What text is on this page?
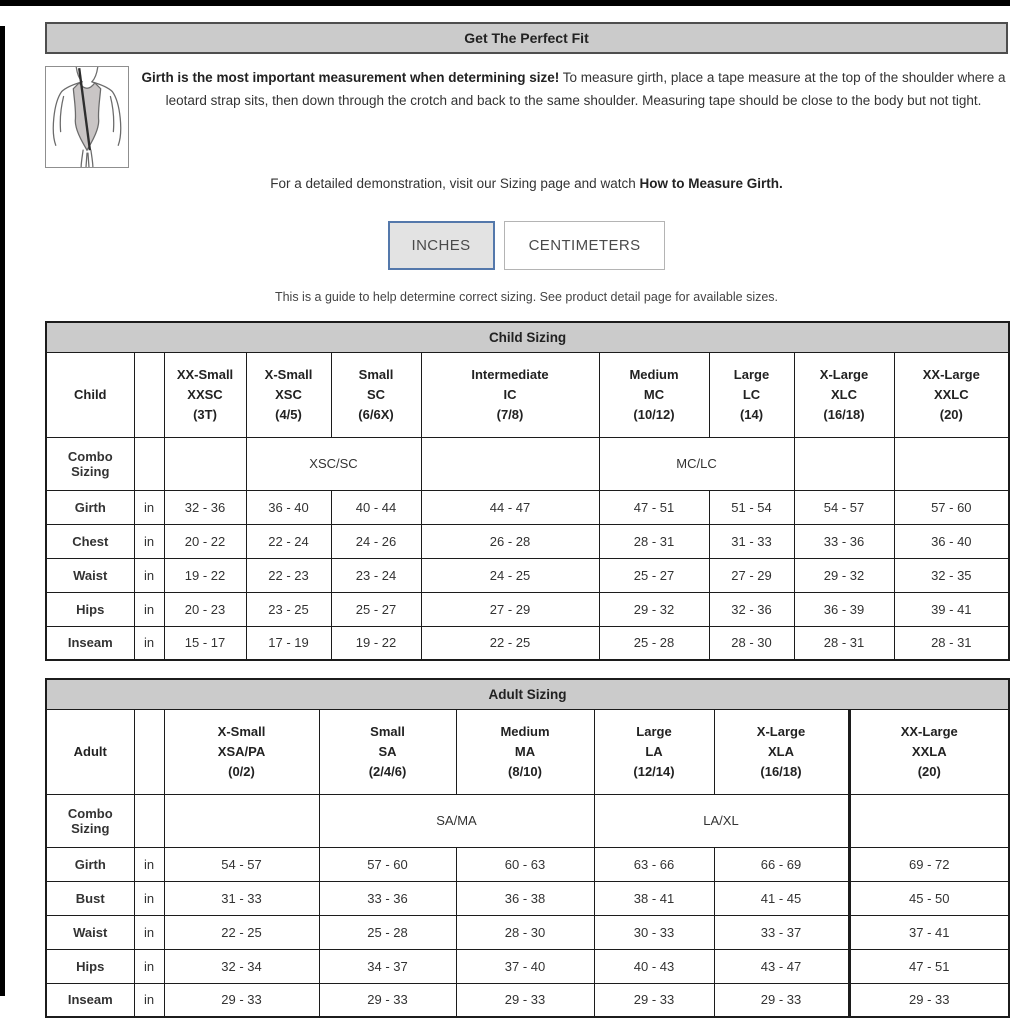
Get The Perfect Fit

Girth is the most important measurement when determining size! To measure girth, place a tape measure at the top of the shoulder where a leotard strap sits, then down through the crotch and back to the same shoulder. Measuring tape should be close to the body but not tight.

For a detailed demonstration, visit our Sizing page and watch How to Measure Girth.

INCHES	CENTIMETERS

This is a guide to help determine correct sizing. See product detail page for available sizes.

Child Sizing									
Child		XX-Small
XXSC
(3T)	X-Small
XSC
(4/5)	Small
SC
(6/6X)	Intermediate
IC
(7/8)	Medium
MC
(10/12)	Large
LC
(14)	X-Large
XLC
(16/18)	XX-Large
XXLC
(20)

Combo Sizing			XSC/SC			MC/LC			
Girth	in	32 - 36	36 - 40	40 - 44	44 - 47	47 - 51	51 - 54	54 - 57	57 - 60
Chest	in	20 - 22	22 - 24	24 - 26	26 - 28	28 - 31	31 - 33	33 - 36	36 - 40
Waist	in	19 - 22	22 - 23	23 - 24	24 - 25	25 - 27	27 - 29	29 - 32	32 - 35
Hips	in	20 - 23	23 - 25	25 - 27	27 - 29	29 - 32	32 - 36	36 - 39	39 - 41
Inseam	in	15 - 17	17 - 19	19 - 22	22 - 25	25 - 28	28 - 30	28 - 31	28 - 31
Adult Sizing							
Adult		X-Small
XSA/PA
(0/2)	Small
SA
(2/4/6)	Medium
MA
(8/10)	Large
LA
(12/14)	X-Large
XLA
(16/18)	XX-Large
XXLA
(20)

Combo Sizing			SA/MA		LA/XL		
Girth	in	54 - 57	57 - 60	60 - 63	63 - 66	66 - 69	69 - 72
Bust	in	31 - 33	33 - 36	36 - 38	38 - 41	41 - 45	45 - 50
Waist	in	22 - 25	25 - 28	28 - 30	30 - 33	33 - 37	37 - 41
Hips	in	32 - 34	34 - 37	37 - 40	40 - 43	43 - 47	47 - 51
Inseam	in	29 - 33	29 - 33	29 - 33	29 - 33	29 - 33	29 - 33
